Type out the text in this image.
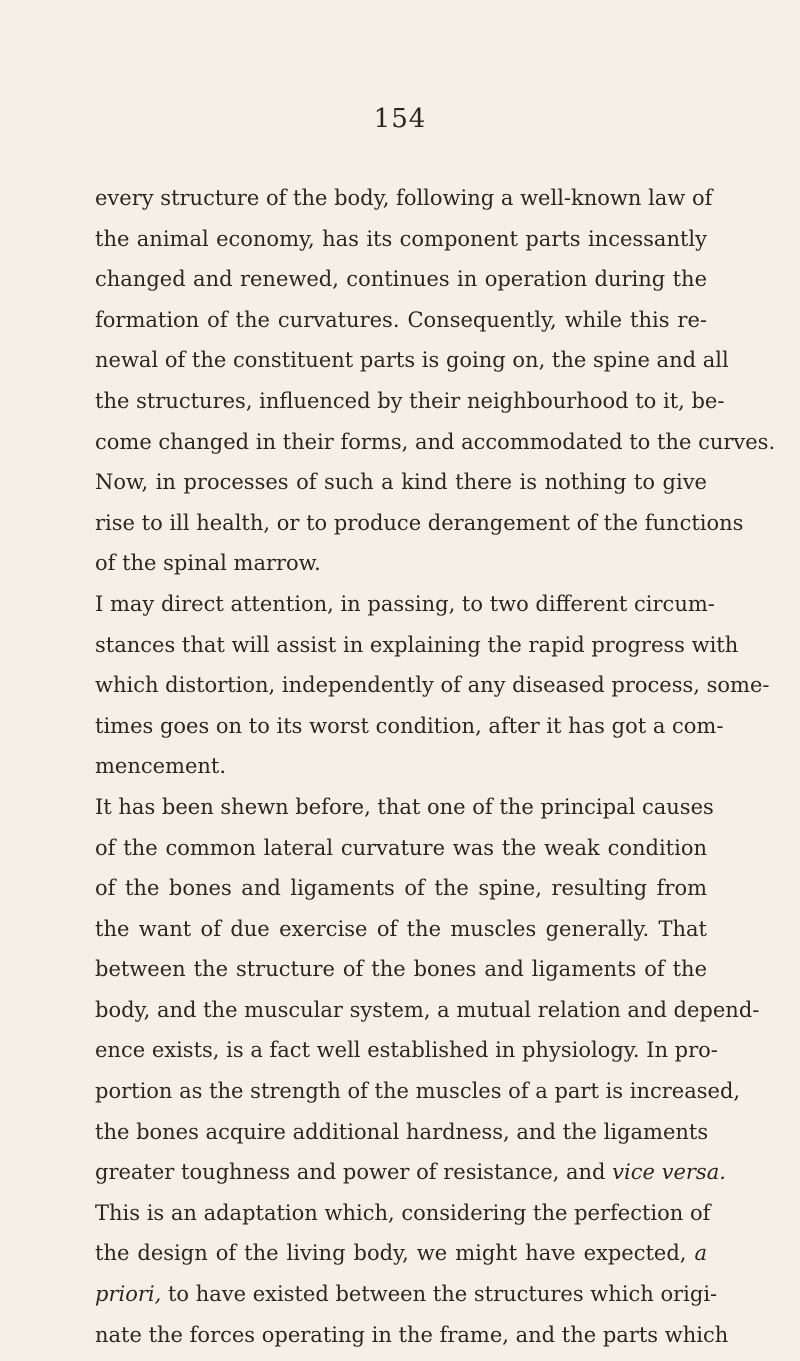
154
every structure of the body, following a well-known law of
the animal economy, has its component parts incessantly
changed and renewed, continues in operation during the
formation of the curvatures. Consequently, while this re-
newal of the constituent parts is going on, the spine and all
the structures, influenced by their neighbourhood to it, be-
come changed in their forms, and accommodated to the curves.
Now, in processes of such a kind there is nothing to give
rise to ill health, or to produce derangement of the functions
of the spinal marrow.
I may direct attention, in passing, to two different circum-
stances that will assist in explaining the rapid progress with
which distortion, independently of any diseased process, some-
times goes on to its worst condition, after it has got a com-
mencement.
It has been shewn before, that one of the principal causes
of the common lateral curvature was the weak condition
of the bones and ligaments of the spine, resulting from
the want of due exercise of the muscles generally. That
between the structure of the bones and ligaments of the
body, and the muscular system, a mutual relation and depend-
ence exists, is a fact well established in physiology. In pro-
portion as the strength of the muscles of a part is increased,
the bones acquire additional hardness, and the ligaments
greater toughness and power of resistance, and vice versa.
This is an adaptation which, considering the perfection of
the design of the living body, we might have expected, a
priori, to have existed between the structures which origi-
nate the forces operating in the frame, and the parts which
